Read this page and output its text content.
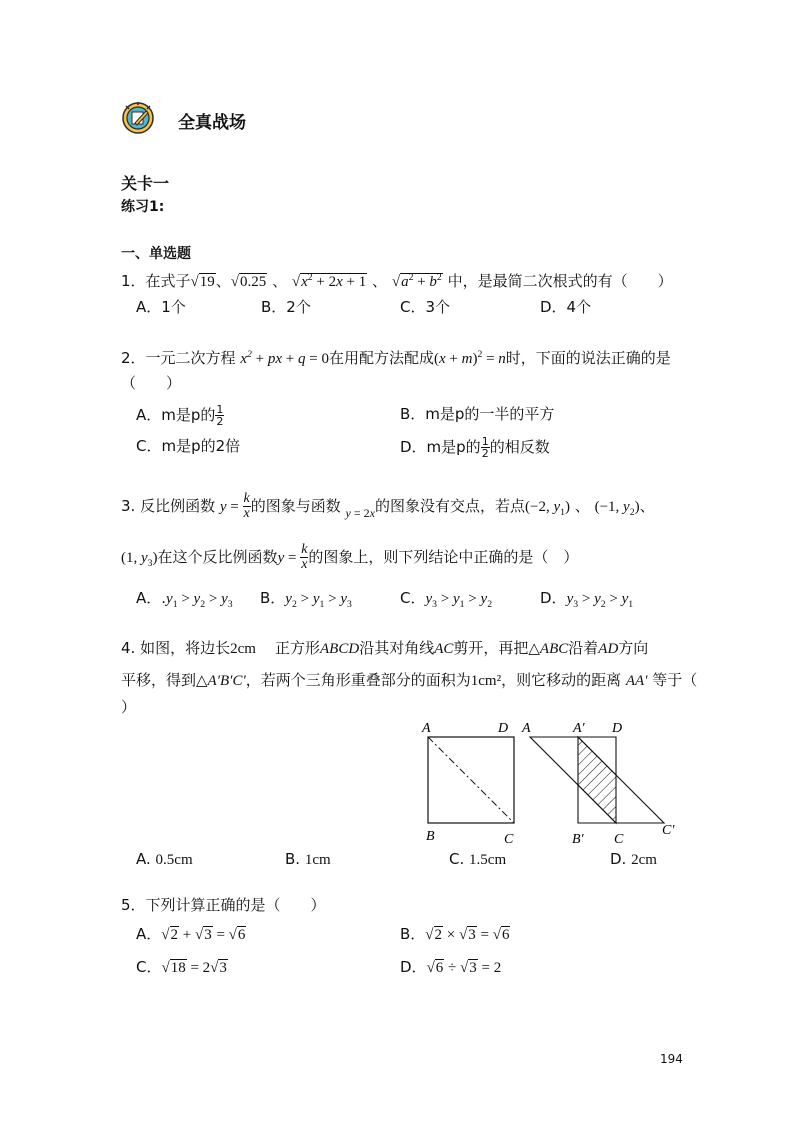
全真战场
关卡一
练习1:
一、单选题
1．在式子√19、√0.25 、 $√x^2 + 2x + 1$ 、 $√a^2 + b^2$ 中，是最简二次根式的有（　　）
A．1个	B．2个	C．3个	D．4个
2．一元二次方程 $x^2$ + px + q = 0在用配方法配成$(x + m)^2 = n$时，下面的说法正确的是
（　　）
A．m是p的 $\frac{1}{2}$	B．m是p的一半的平方
C．m是p的2倍	D．m是p的 $\frac{1}{2}$ 的相反数
3. 反比例函数 $y = \frac{k}{x}$ 的图象与函数 $_{y = 2x}$的图象没有交点，若点(−2, $y_1$) 、 (−1, $y_2$)、
(1, $y_3$)在这个反比例函数$y = \frac{k}{x}$ 的图象上，则下列结论中正确的是（　）
A．$.y_1 > y_2 > y_3$ B．$y_2 > y_1 > y_3$	C．$y_3 > y_1 > y_2$	D．$y_3 > y_2 > y_1$
4. 如图，将边长2cm 正方形ABCD沿其对角线AC剪开，再把△ABC沿着AD方向
平移，得到△A′B′C′，若两个三角形重叠部分的面积为1cm²，则它移动的距离 AA′ 等于（
）
A	D
B	C
A	A′ D
B′ C
C′
A. 0.5cm	B. 1cm	C. 1.5cm	D. 2cm
5．下列计算正确的是（　　）
A．√2 + √3 = √6	B．√2 × √3 = √6
C．√18 = 2√3	D．√6 ÷ √3 = 2
194
